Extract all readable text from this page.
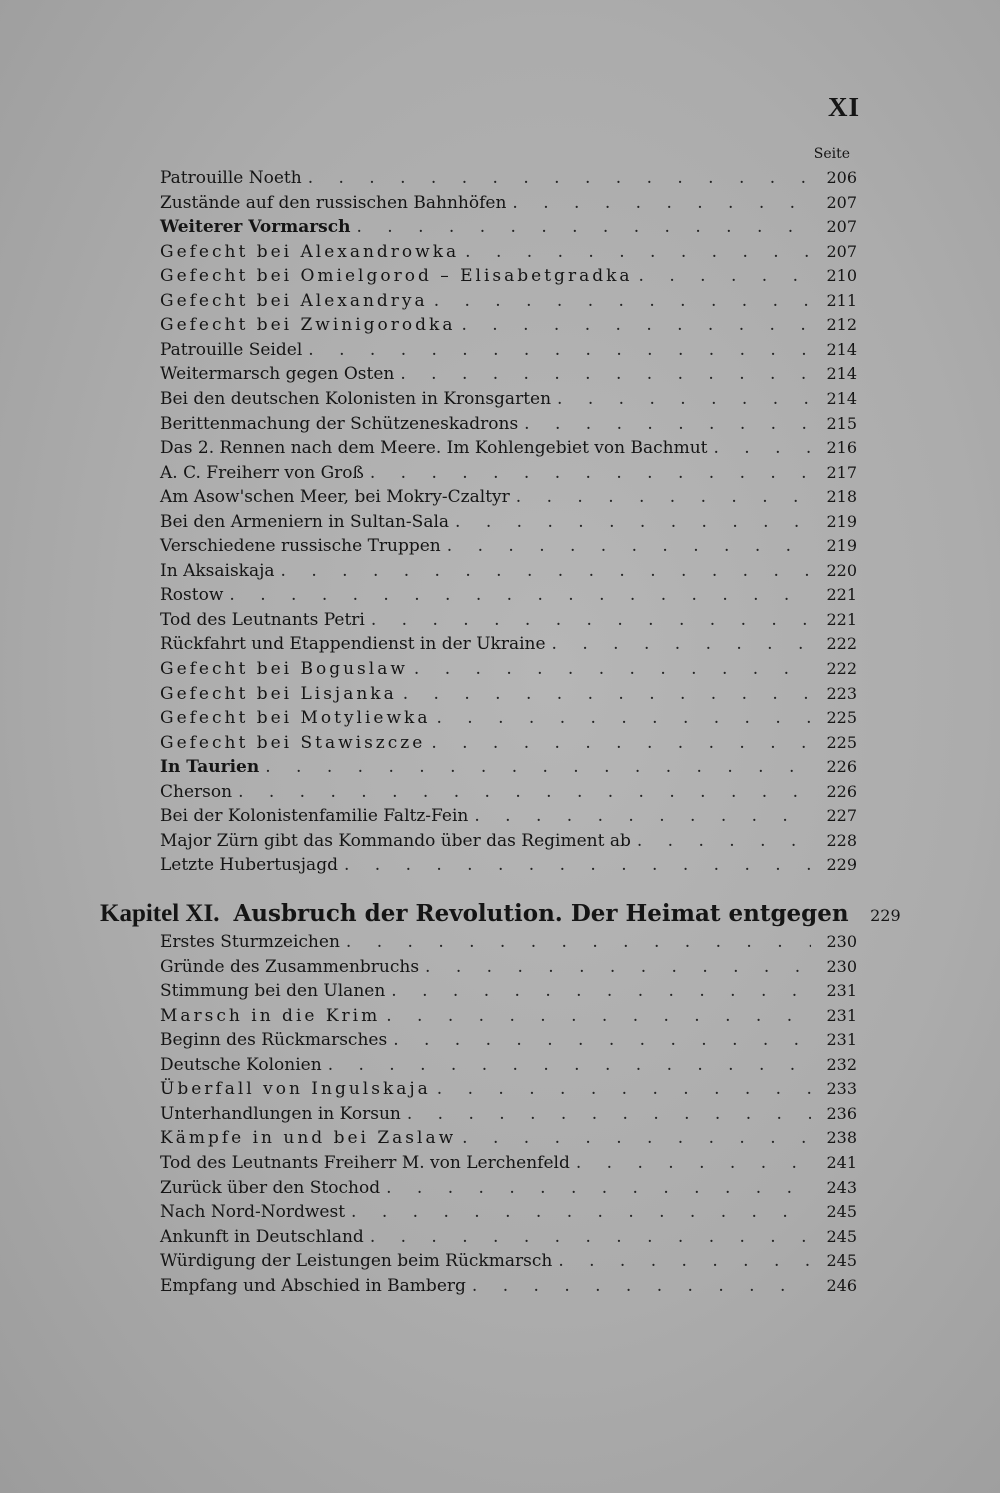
XI
Seite
Patrouille Noeth . . .	206
Zustände auf den russischen Bahnhöfen . . .	207
Weiterer Vormarsch . . .	207
Gefecht bei Alexandrowka . . .	207
Gefecht bei Omielgorod – Elisabetgradka . . .	210
Gefecht bei Alexandrya . . .	211
Gefecht bei Zwinigorodka . . .	212
Patrouille Seidel . . .	214
Weitermarsch gegen Osten . . .	214
Bei den deutschen Kolonisten in Kronsgarten . . .	214
Berittenmachung der Schützeneskadrons . . .	215
Das 2. Rennen nach dem Meere. Im Kohlengebiet von Bachmut . . .	216
A. C. Freiherr von Groß . . .	217
Am Asow'schen Meer, bei Mokry-Czaltyr . . .	218
Bei den Armeniern in Sultan-Sala . . .	219
Verschiedene russische Truppen . . .	219
In Aksaiskaja . . .	220
Rostow . . .	221
Tod des Leutnants Petri . . .	221
Rückfahrt und Etappendienst in der Ukraine . . .	222
Gefecht bei Boguslaw . . .	222
Gefecht bei Lisjanka . . .	223
Gefecht bei Motyliewka . . .	225
Gefecht bei Stawiszcze . . .	225
In Taurien . . .	226
Cherson . . .	226
Bei der Kolonistenfamilie Faltz-Fein . . .	227
Major Zürn gibt das Kommando über das Regiment ab . . .	228
Letzte Hubertusjagd . . .	229
Kapitel XI. Ausbruch der Revolution. Der Heimat entgegen	229
Erstes Sturmzeichen . . .	230
Gründe des Zusammenbruchs . . .	230
Stimmung bei den Ulanen . . .	231
Marsch in die Krim . . .	231
Beginn des Rückmarsches . . .	231
Deutsche Kolonien . . .	232
Überfall von Ingulskaja . . .	233
Unterhandlungen in Korsun . . .	236
Kämpfe in und bei Zaslaw . . .	238
Tod des Leutnants Freiherr M. von Lerchenfeld . . .	241
Zurück über den Stochod . . .	243
Nach Nord-Nordwest . . .	245
Ankunft in Deutschland . . .	245
Würdigung der Leistungen beim Rückmarsch . . .	245
Empfang und Abschied in Bamberg . . .	246
